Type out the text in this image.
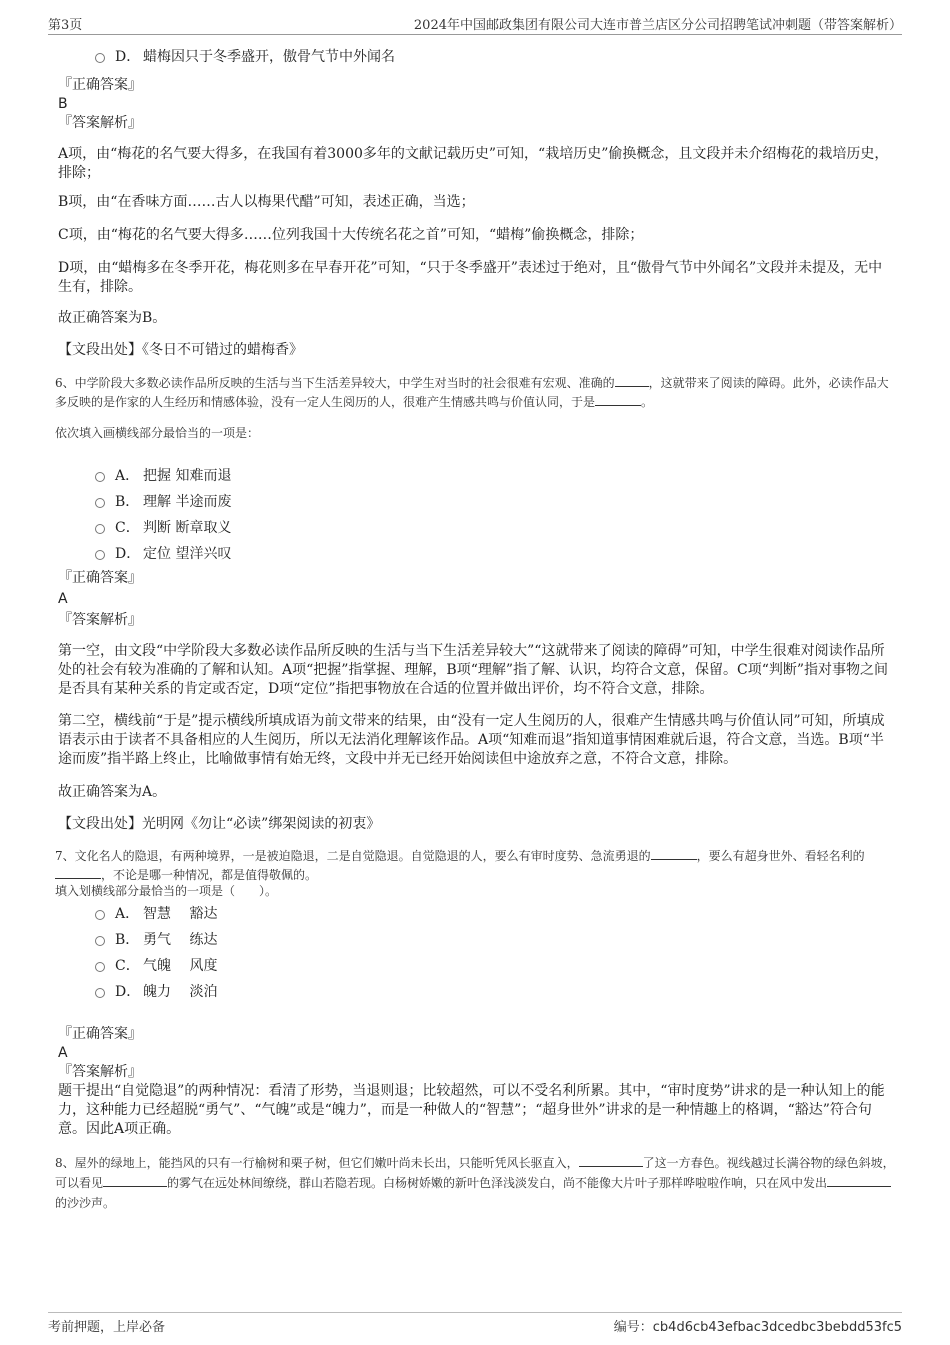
第3页	2024年中国邮政集团有限公司大连市普兰店区分公司招聘笔试冲刺题（带答案解析）
D． 蜡梅因只于冬季盛开，傲骨气节中外闻名
『正确答案』
B
『答案解析』
A项，由“梅花的名气要大得多，在我国有着3000多年的文献记载历史”可知，“栽培历史”偷换概念，且文段并未介绍梅花的栽培历史，排除；
B项，由“在香味方面……古人以梅果代醋”可知，表述正确，当选；
C项，由“梅花的名气要大得多……位列我国十大传统名花之首”可知，“蜡梅”偷换概念，排除；
D项，由“蜡梅多在冬季开花，梅花则多在早春开花”可知，“只于冬季盛开”表述过于绝对，且“傲骨气节中外闻名”文段并未提及，无中生有，排除。
故正确答案为B。
【文段出处】《冬日不可错过的蜡梅香》

6、中学阶段大多数必读作品所反映的生活与当下生活差异较大，中学生对当时的社会很难有宏观、准确的	，这就带来了阅读的障碍。此外，必读作品大多反映的是作家的人生经历和情感体验，没有一定人生阅历的人，很难产生情感共鸣与价值认同，于是	。

依次填入画横线部分最恰当的一项是：

A． 把握 知难而退
B． 理解 半途而废
C． 判断 断章取义
D． 定位 望洋兴叹
『正确答案』
A
『答案解析』
第一空，由文段“中学阶段大多数必读作品所反映的生活与当下生活差异较大”“这就带来了阅读的障碍”可知，中学生很难对阅读作品所处的社会有较为准确的了解和认知。A项“把握”指掌握、理解，B项“理解”指了解、认识，均符合文意，保留。C项“判断”指对事物之间是否具有某种关系的肯定或否定，D项“定位”指把事物放在合适的位置并做出评价，均不符合文意，排除。
第二空，横线前“于是”提示横线所填成语为前文带来的结果，由“没有一定人生阅历的人，很难产生情感共鸣与价值认同”可知，所填成语表示由于读者不具备相应的人生阅历，所以无法消化理解该作品。A项“知难而退”指知道事情困难就后退，符合文意，当选。B项“半途而废”指半路上终止，比喻做事情有始无终，文段中并无已经开始阅读但中途放弃之意，不符合文意，排除。
故正确答案为A。
【文段出处】光明网《勿让“必读”绑架阅读的初衷》

7、文化名人的隐退，有两种境界，一是被迫隐退，二是自觉隐退。自觉隐退的人，要么有审时度势、急流勇退的	，要么有超身世外、看轻名利的，不论是哪一种情况，都是值得敬佩的。

填入划横线部分最恰当的一项是（　　）。

A． 智慧　 豁达
B． 勇气　 练达
C． 气魄　 风度
D． 魄力　 淡泊
『正确答案』
A
『答案解析』
题干提出“自觉隐退”的两种情况：看清了形势，当退则退；比较超然，可以不受名利所累。其中，“审时度势”讲求的是一种认知上的能力，这种能力已经超脱“勇气”、“气魄”或是“魄力”，而是一种做人的“智慧”；“超身世外”讲求的是一种情趣上的格调，“豁达”符合句意。因此A项正确。

8、屋外的绿地上，能挡风的只有一行榆树和栗子树，但它们嫩叶尚未长出，只能听凭风长驱直入，	了这一方春色。视线越过长满谷物的绿色斜坡，可以看见	的雾气在远处林间缭绕，群山若隐若现。白杨树娇嫩的新叶色泽浅淡发白，尚不能像大片叶子那样哗啦啦作响，只在风中发出的沙沙声。

考前押题，上岸必备	编号：cb4d6cb43efbac3dcedbc3bebdd53fc5
